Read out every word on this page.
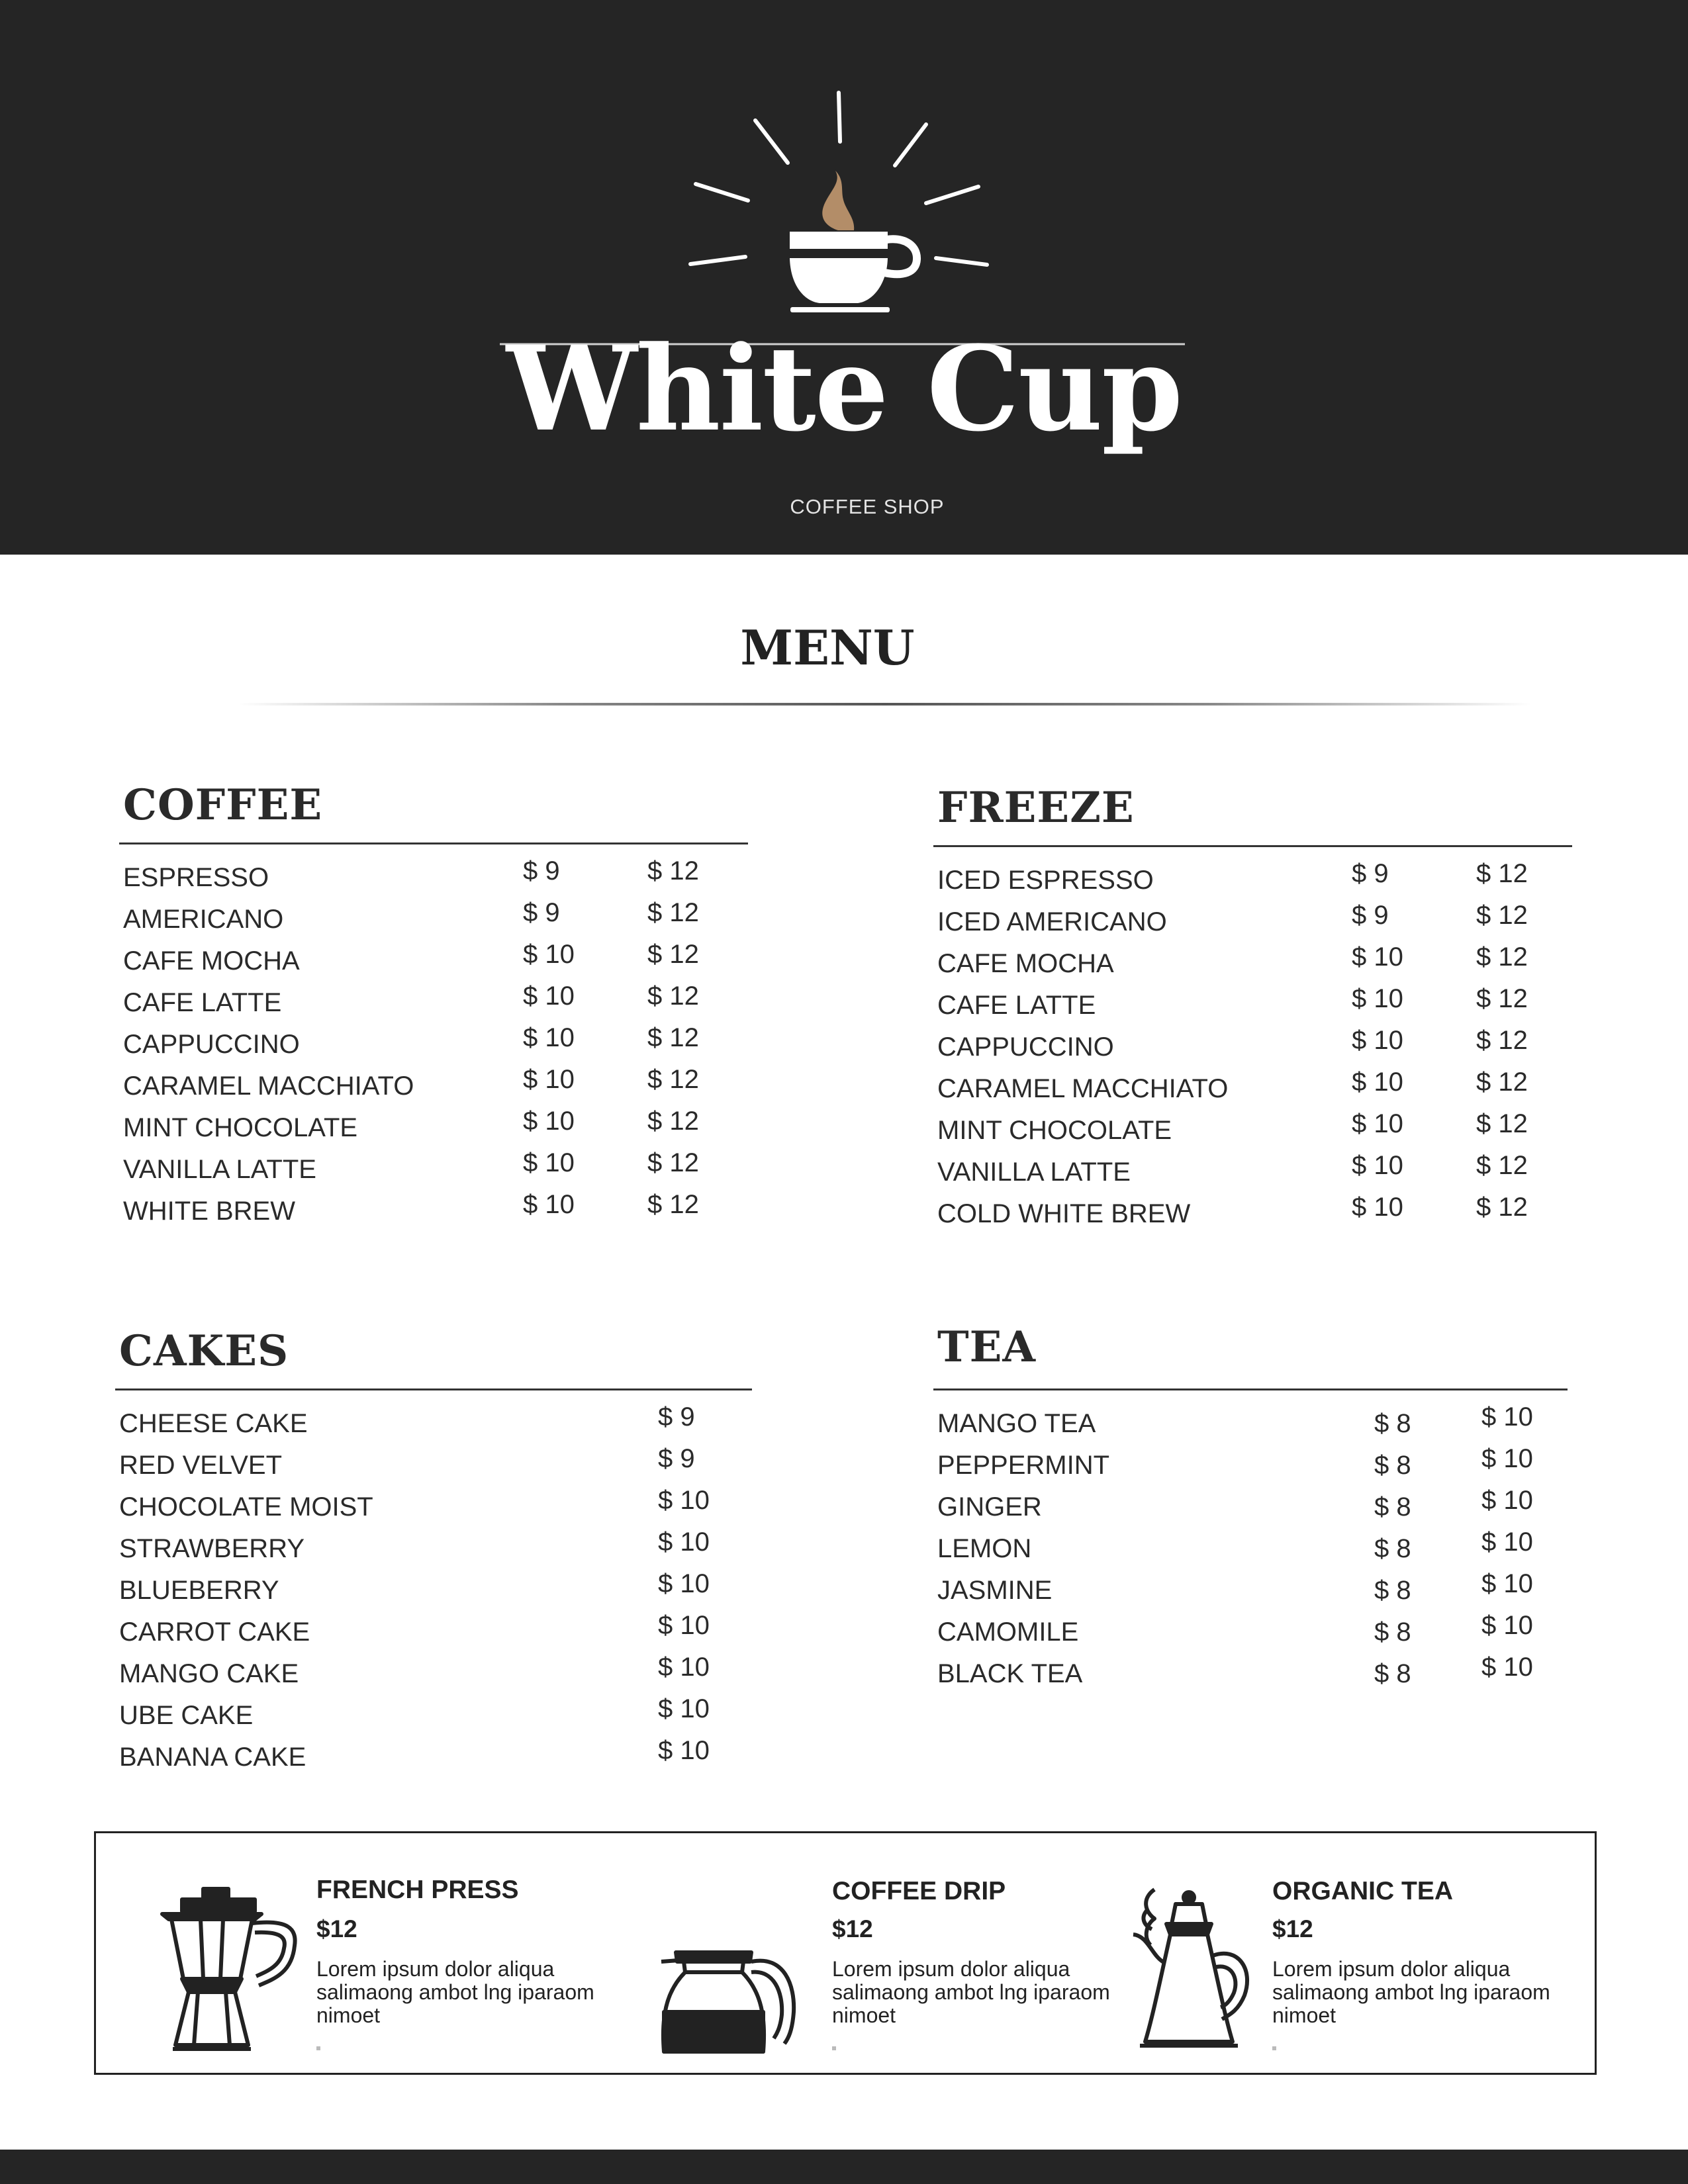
White Cup
COFFEE SHOP
MENU
COFFEE
ESPRESSO	$ 9	$ 12
AMERICANO	$ 9	$ 12
CAFE MOCHA	$ 10	$ 12
CAFE LATTE	$ 10	$ 12
CAPPUCCINO	$ 10	$ 12
CARAMEL MACCHIATO	$ 10	$ 12
MINT CHOCOLATE	$ 10	$ 12
VANILLA LATTE	$ 10	$ 12
WHITE BREW	$ 10	$ 12
FREEZE
ICED ESPRESSO	$ 9	$ 12
ICED AMERICANO	$ 9	$ 12
CAFE MOCHA	$ 10	$ 12
CAFE LATTE	$ 10	$ 12
CAPPUCCINO	$ 10	$ 12
CARAMEL MACCHIATO	$ 10	$ 12
MINT CHOCOLATE	$ 10	$ 12
VANILLA LATTE	$ 10	$ 12
COLD WHITE BREW	$ 10	$ 12
CAKES
CHEESE CAKE	$ 9
RED VELVET	$ 9
CHOCOLATE MOIST	$ 10
STRAWBERRY	$ 10
BLUEBERRY	$ 10
CARROT CAKE	$ 10
MANGO CAKE	$ 10
UBE CAKE	$ 10
BANANA CAKE	$ 10
TEA
MANGO TEA	$ 8	$ 10
PEPPERMINT	$ 8	$ 10
GINGER	$ 8	$ 10
LEMON	$ 8	$ 10
JASMINE	$ 8	$ 10
CAMOMILE	$ 8	$ 10
BLACK TEA	$ 8	$ 10
FRENCH PRESS
$12
Lorem ipsum dolor aliqua salimaong ambot lng iparaom nimoet
COFFEE DRIP
$12
Lorem ipsum dolor aliqua salimaong ambot lng iparaom nimoet
ORGANIC TEA
$12
Lorem ipsum dolor aliqua salimaong ambot lng iparaom nimoet
